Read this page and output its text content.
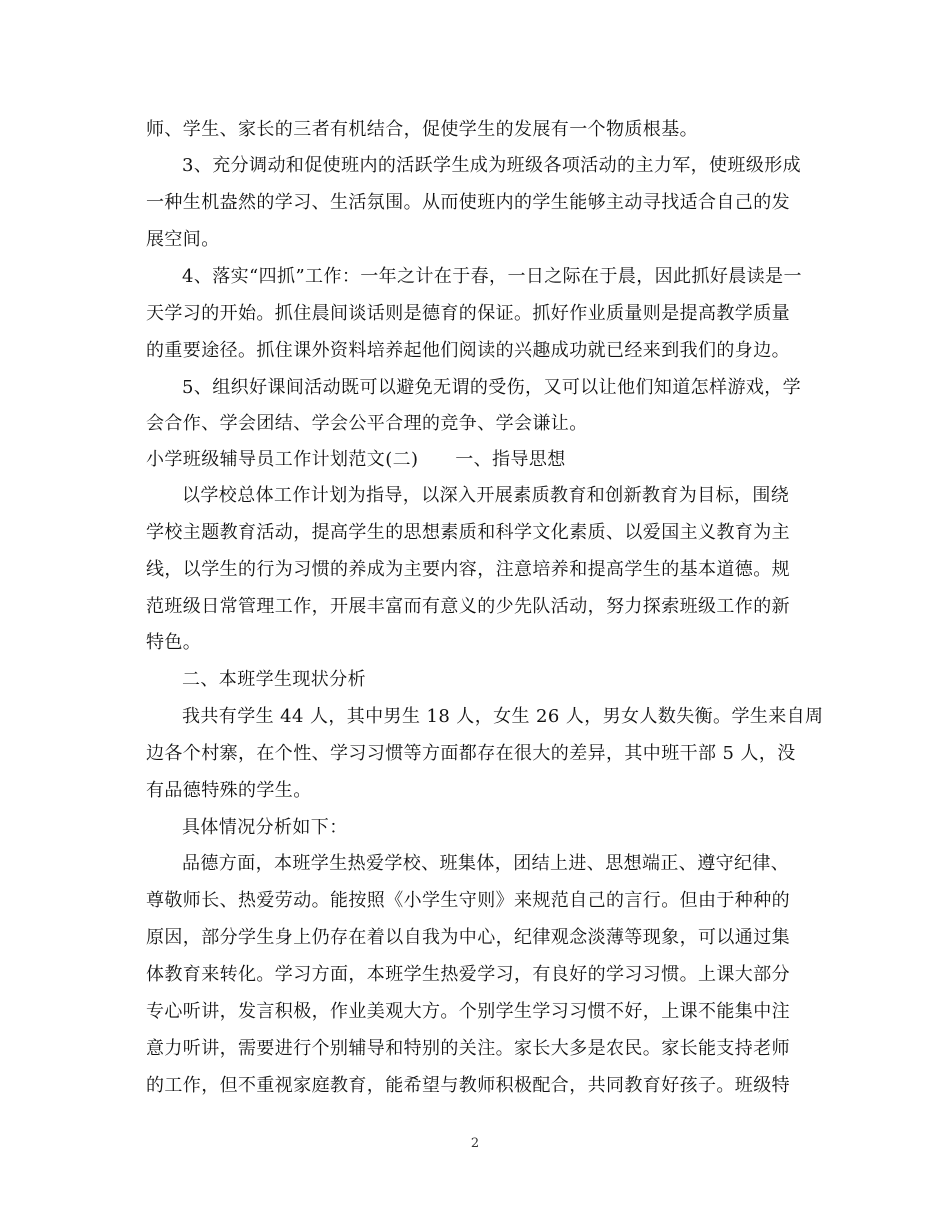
师、学生、家长的三者有机结合，促使学生的发展有一个物质根基。
3、充分调动和促使班内的活跃学生成为班级各项活动的主力军，使班级形成
一种生机盎然的学习、生活氛围。从而使班内的学生能够主动寻找适合自己的发
展空间。
4、落实“四抓”工作：一年之计在于春，一日之际在于晨，因此抓好晨读是一
天学习的开始。抓住晨间谈话则是德育的保证。抓好作业质量则是提高教学质量
的重要途径。抓住课外资料培养起他们阅读的兴趣成功就已经来到我们的身边。
5、组织好课间活动既可以避免无谓的受伤，又可以让他们知道怎样游戏，学
会合作、学会团结、学会公平合理的竞争、学会谦让。
小学班级辅导员工作计划范文(二)　　一、指导思想
以学校总体工作计划为指导，以深入开展素质教育和创新教育为目标，围绕
学校主题教育活动，提高学生的思想素质和科学文化素质、以爱国主义教育为主
线，以学生的行为习惯的养成为主要内容，注意培养和提高学生的基本道德。规
范班级日常管理工作，开展丰富而有意义的少先队活动，努力探索班级工作的新
特色。
二、本班学生现状分析
我共有学生 44 人，其中男生 18 人，女生 26 人，男女人数失衡。学生来自周
边各个村寨，在个性、学习习惯等方面都存在很大的差异，其中班干部 5 人，没
有品德特殊的学生。
具体情况分析如下：
品德方面，本班学生热爱学校、班集体，团结上进、思想端正、遵守纪律、
尊敬师长、热爱劳动。能按照《小学生守则》来规范自己的言行。但由于种种的
原因，部分学生身上仍存在着以自我为中心，纪律观念淡薄等现象，可以通过集
体教育来转化。学习方面，本班学生热爱学习，有良好的学习习惯。上课大部分
专心听讲，发言积极，作业美观大方。个别学生学习习惯不好，上课不能集中注
意力听讲，需要进行个别辅导和特别的关注。家长大多是农民。家长能支持老师
的工作，但不重视家庭教育，能希望与教师积极配合，共同教育好孩子。班级特
2
